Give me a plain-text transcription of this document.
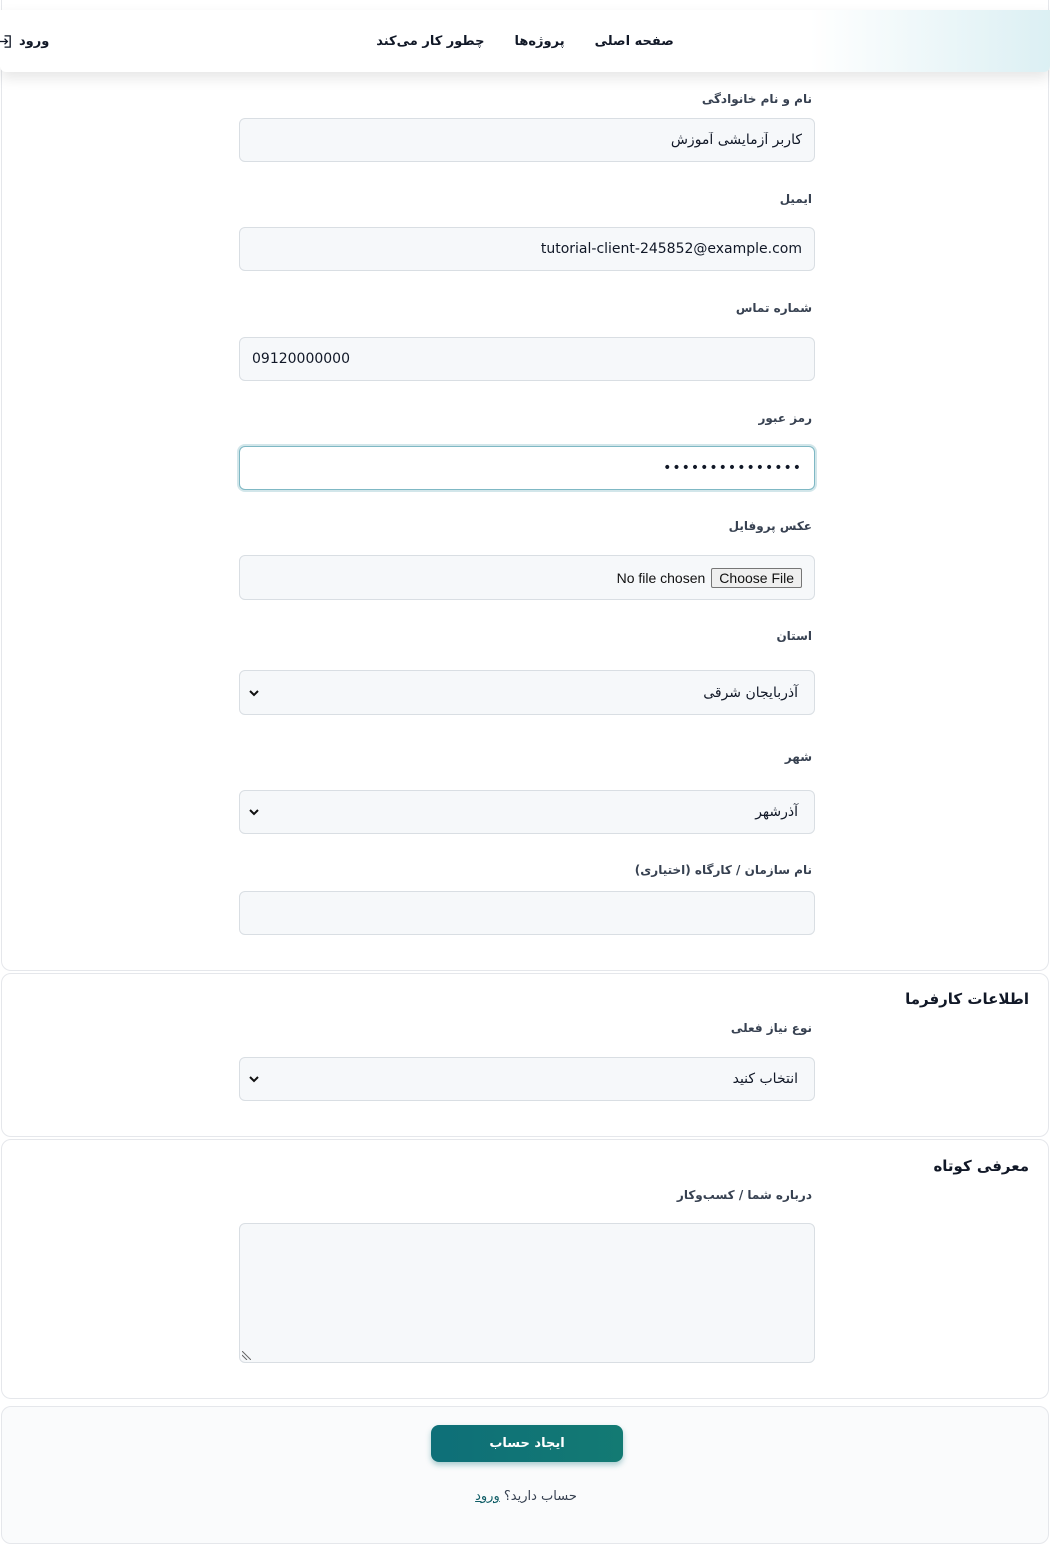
صفحه اصلی
پروژه‌ها
چطور کار می‌کند
ورود
نام و نام خانوادگی
کاربر آزمایشی آموزش
ایمیل
tutorial-client-245852@example.com
شماره تماس
09120000000
رمز عبور
•••••••••••••••
عکس پروفایل
No file chosen	Choose File
استان
آذربایجان شرقی
شهر
آذرشهر
نام سازمان / کارگاه (اختیاری)
اطلاعات کارفرما
نوع نیاز فعلی
انتخاب کنید
معرفی کوتاه
درباره شما / کسب‌وکار
ایجاد حساب

حساب دارید؟ ورود
